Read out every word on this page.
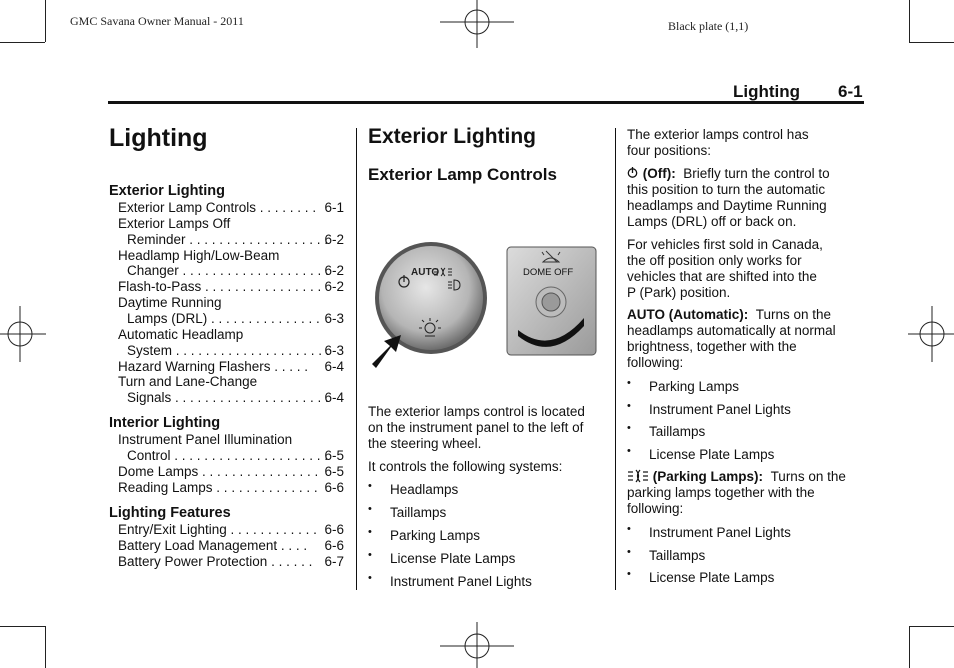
GMC Savana Owner Manual - 2011	Black plate (1,1)
Lighting 6-1
Lighting
Exterior Lighting
Exterior Lamp Controls . . . . . . . . 6-1
Exterior Lamps Off
Reminder . . . . . . . . . . . . . . . . . . .
6-2
Headlamp High/Low-Beam
Changer . . . . . . . . . . . . . . . . . . . .
6-2
Flash-to-Pass . . . . . . . . . . . . . . . . 6-2
Daytime Running
Lamps (DRL) . . . . . . . . . . . . . . . 6-3
Automatic Headlamp
System . . . . . . . . . . . . . . . . . . . . .
6-3
Hazard Warning Flashers . . . . . 6-4
Turn and Lane-Change
Signals . . . . . . . . . . . . . . . . . . . . .
6-4
Interior Lighting
Instrument Panel Illumination
Control . . . . . . . . . . . . . . . . . . . . .
6-5
Dome Lamps . . . . . . . . . . . . . . . . 6-5
Reading Lamps . . . . . . . . . . . . . . 6-6
Lighting Features
Entry/Exit Lighting . . . . . . . . . . . . 6-6
Battery Load Management . . . . 6-6
Battery Power Protection . . . . . . 6-7
Exterior Lighting
Exterior Lamp Controls
AUTO	DOME OFF
The exterior lamps control is located
on the instrument panel to the left of
the steering wheel.
It controls the following systems:
• Headlamps
• Taillamps
• Parking Lamps
• License Plate Lamps
• Instrument Panel Lights
The exterior lamps control has
four positions:
(Off): Briefly turn the control to
this position to turn the automatic
headlamps and Daytime Running
Lamps (DRL) off or back on.
For vehicles first sold in Canada,
the off position only works for
vehicles that are shifted into the
P (Park) position.
AUTO (Automatic): Turns on the
headlamps automatically at normal
brightness, together with the
following:
• Parking Lamps
• Instrument Panel Lights
• Taillamps
• License Plate Lamps
(Parking Lamps): Turns on the
parking lamps together with the
following:
• Instrument Panel Lights
• Taillamps
• License Plate Lamps
